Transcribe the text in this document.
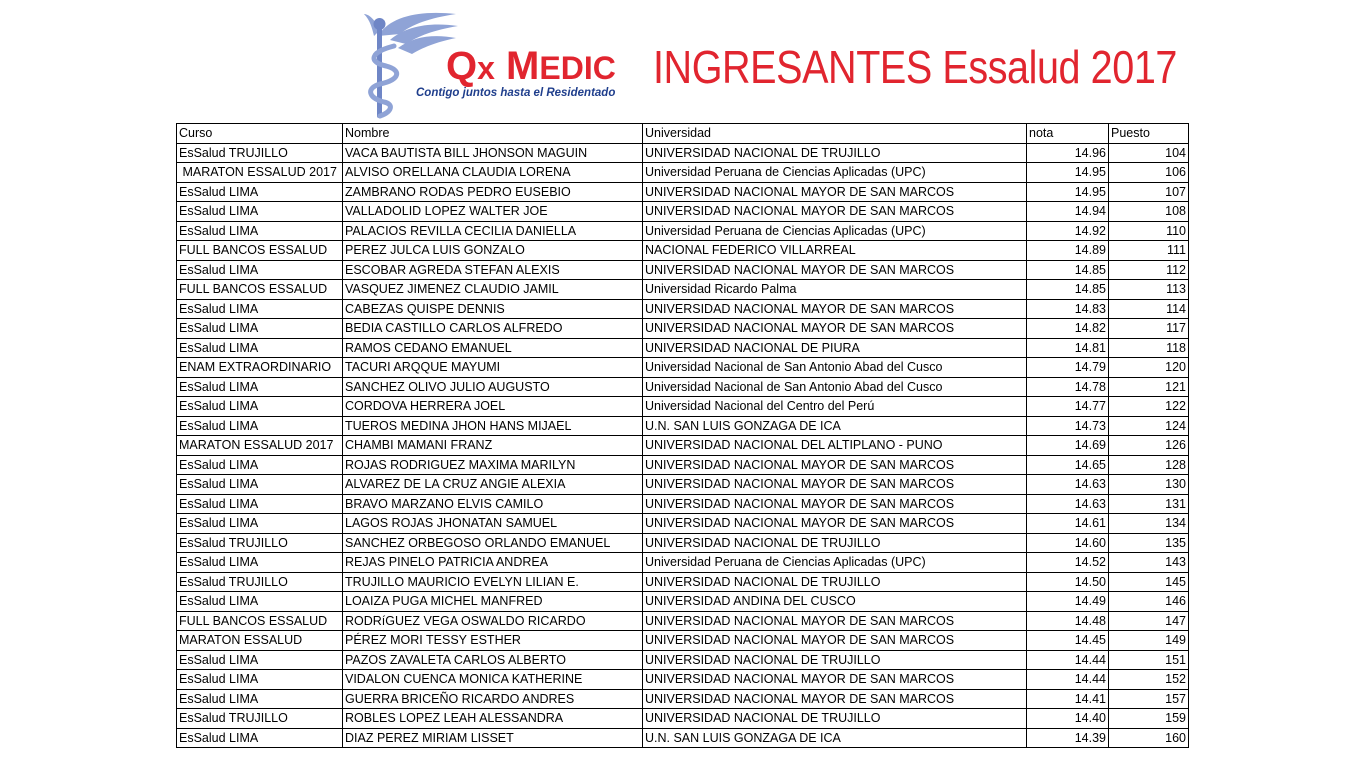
Qx MEDIC
Contigo juntos hasta el Residentado INGRESANTES Essalud 2017
Curso	Nombre	Universidad	nota	Puesto
EsSalud TRUJILLO	VACA BAUTISTA BILL JHONSON MAGUIN	UNIVERSIDAD NACIONAL DE TRUJILLO	14.96	104
MARATON ESSALUD 2017	ALVISO ORELLANA CLAUDIA LORENA	Universidad Peruana de Ciencias Aplicadas (UPC)	14.95	106
EsSalud LIMA	ZAMBRANO RODAS PEDRO EUSEBIO	UNIVERSIDAD NACIONAL MAYOR DE SAN MARCOS	14.95	107
EsSalud LIMA	VALLADOLID LOPEZ WALTER JOE	UNIVERSIDAD NACIONAL MAYOR DE SAN MARCOS	14.94	108
EsSalud LIMA	PALACIOS REVILLA CECILIA DANIELLA	Universidad Peruana de Ciencias Aplicadas (UPC)	14.92	110
FULL BANCOS ESSALUD	PEREZ JULCA LUIS GONZALO	NACIONAL FEDERICO VILLARREAL	14.89	111
EsSalud LIMA	ESCOBAR AGREDA STEFAN ALEXIS	UNIVERSIDAD NACIONAL MAYOR DE SAN MARCOS	14.85	112
FULL BANCOS ESSALUD	VASQUEZ JIMENEZ CLAUDIO JAMIL	Universidad Ricardo Palma	14.85	113
EsSalud LIMA	CABEZAS QUISPE DENNIS	UNIVERSIDAD NACIONAL MAYOR DE SAN MARCOS	14.83	114
EsSalud LIMA	BEDIA CASTILLO CARLOS ALFREDO	UNIVERSIDAD NACIONAL MAYOR DE SAN MARCOS	14.82	117
EsSalud LIMA	RAMOS CEDANO EMANUEL	UNIVERSIDAD NACIONAL DE PIURA	14.81	118
ENAM EXTRAORDINARIO	TACURI ARQQUE MAYUMI	Universidad Nacional de San Antonio Abad del Cusco	14.79	120
EsSalud LIMA	SANCHEZ OLIVO JULIO AUGUSTO	Universidad Nacional de San Antonio Abad del Cusco	14.78	121
EsSalud LIMA	CORDOVA HERRERA JOEL	Universidad Nacional del Centro del Perú	14.77	122
EsSalud LIMA	TUEROS MEDINA JHON HANS MIJAEL	U.N. SAN LUIS GONZAGA DE ICA	14.73	124
MARATON ESSALUD 2017	CHAMBI MAMANI FRANZ	UNIVERSIDAD NACIONAL DEL ALTIPLANO - PUNO	14.69	126
EsSalud LIMA	ROJAS RODRIGUEZ MAXIMA MARILYN	UNIVERSIDAD NACIONAL MAYOR DE SAN MARCOS	14.65	128
EsSalud LIMA	ALVAREZ DE LA CRUZ ANGIE ALEXIA	UNIVERSIDAD NACIONAL MAYOR DE SAN MARCOS	14.63	130
EsSalud LIMA	BRAVO MARZANO ELVIS CAMILO	UNIVERSIDAD NACIONAL MAYOR DE SAN MARCOS	14.63	131
EsSalud LIMA	LAGOS ROJAS JHONATAN SAMUEL	UNIVERSIDAD NACIONAL MAYOR DE SAN MARCOS	14.61	134
EsSalud TRUJILLO	SANCHEZ ORBEGOSO ORLANDO EMANUEL	UNIVERSIDAD NACIONAL DE TRUJILLO	14.60	135
EsSalud LIMA	REJAS PINELO PATRICIA ANDREA	Universidad Peruana de Ciencias Aplicadas (UPC)	14.52	143
EsSalud TRUJILLO	TRUJILLO MAURICIO EVELYN LILIAN E.	UNIVERSIDAD NACIONAL DE TRUJILLO	14.50	145
EsSalud LIMA	LOAIZA PUGA MICHEL MANFRED	UNIVERSIDAD ANDINA DEL CUSCO	14.49	146
FULL BANCOS ESSALUD	RODRíGUEZ VEGA OSWALDO RICARDO	UNIVERSIDAD NACIONAL MAYOR DE SAN MARCOS	14.48	147
MARATON ESSALUD	PÉREZ MORI TESSY ESTHER	UNIVERSIDAD NACIONAL MAYOR DE SAN MARCOS	14.45	149
EsSalud LIMA	PAZOS ZAVALETA CARLOS ALBERTO	UNIVERSIDAD NACIONAL DE TRUJILLO	14.44	151
EsSalud LIMA	VIDALON CUENCA MONICA KATHERINE	UNIVERSIDAD NACIONAL MAYOR DE SAN MARCOS	14.44	152
EsSalud LIMA	GUERRA BRICEÑO RICARDO ANDRES	UNIVERSIDAD NACIONAL MAYOR DE SAN MARCOS	14.41	157
EsSalud TRUJILLO	ROBLES LOPEZ LEAH ALESSANDRA	UNIVERSIDAD NACIONAL DE TRUJILLO	14.40	159
EsSalud LIMA	DIAZ PEREZ MIRIAM LISSET	U.N. SAN LUIS GONZAGA DE ICA	14.39	160
